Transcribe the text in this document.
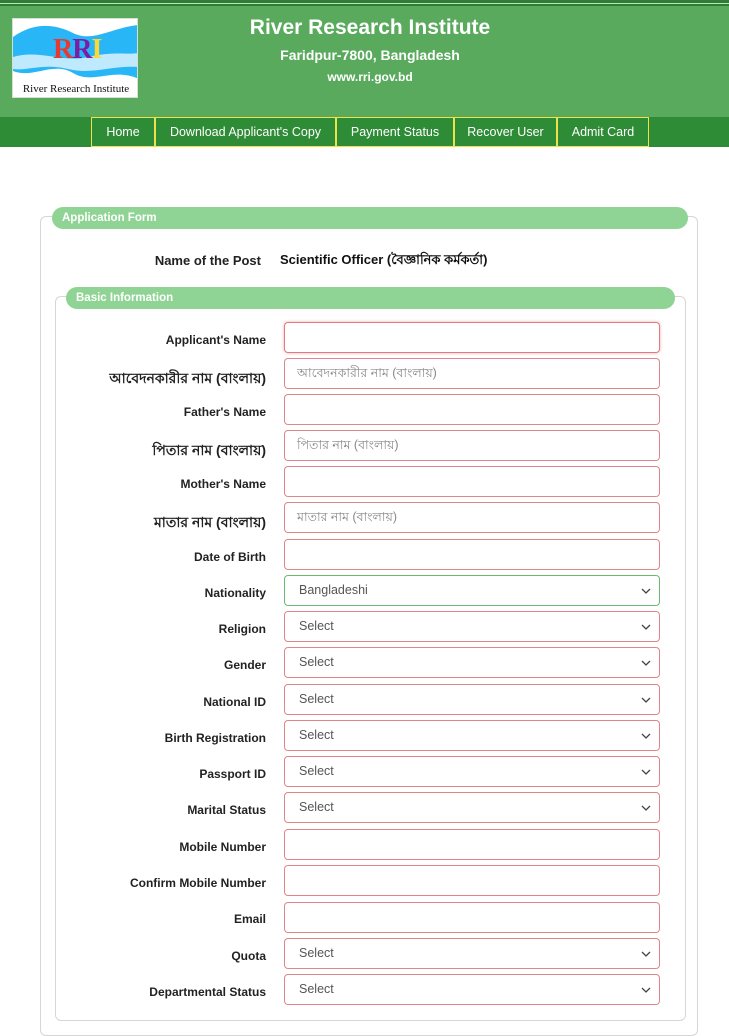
RRI
River Research Institute
River Research Institute
Faridpur-7800, Bangladesh
www.rri.gov.bd
Home	Download Applicant's Copy	Payment Status	Recover User	Admit Card
Application Form
Name of the Post Scientific Officer (বৈজ্ঞানিক কর্মকর্তা)
Basic Information
Applicant's Name
আবেদনকারীর নাম (বাংলায়)	আবেদনকারীর নাম (বাংলায়)
Father's Name
পিতার নাম (বাংলায়)	পিতার নাম (বাংলায়)
Mother's Name
মাতার নাম (বাংলায়)	মাতার নাম (বাংলায়)
Date of Birth
Nationality	Bangladeshi
Religion	Select
Gender	Select
National ID	Select
Birth Registration	Select
Passport ID	Select
Marital Status	Select
Mobile Number
Confirm Mobile Number
Email
Quota	Select
Departmental Status	Select
